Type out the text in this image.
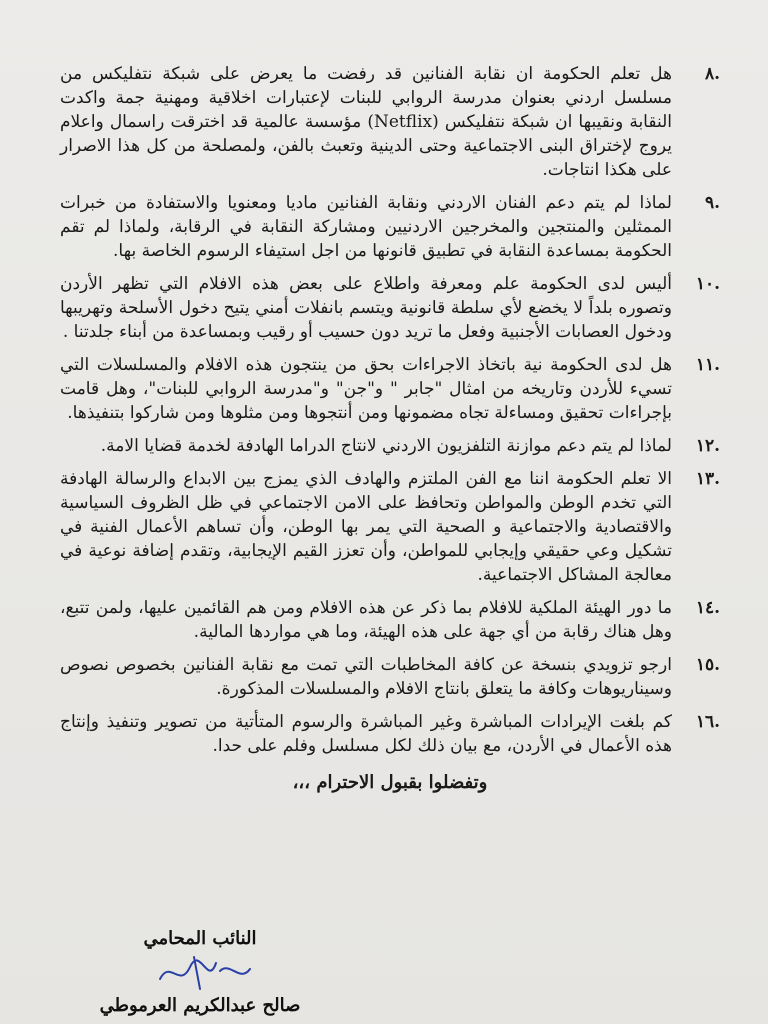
.٨
هل تعلم الحكومة ان نقابة الفنانين قد رفضت ما يعرض على شبكة نتفليكس من مسلسل اردني بعنوان مدرسة الروابي للبنات لإعتبارات اخلاقية ومهنية جمة واكدت النقابة ونقيبها ان شبكة نتفليكس (Netflix) مؤسسة عالمية قد اخترقت راسمال واعلام يروج لإختراق البنى الاجتماعية وحتى الدينية وتعبث بالفن، ولمصلحة من كل هذا الاصرار على هكذا انتاجات.
.٩
لماذا لم يتم دعم الفنان الاردني ونقابة الفنانين ماديا ومعنويا والاستفادة من خبرات الممثلين والمنتجين والمخرجين الاردنيين ومشاركة النقابة في الرقابة، ولماذا لم تقم الحكومة بمساعدة النقابة في تطبيق قانونها من اجل استيفاء الرسوم الخاصة بها.
.١٠
أليس لدى الحكومة علم ومعرفة واطلاع على بعض هذه الافلام التي تظهر الأردن وتصوره بلداً لا يخضع لأي سلطة قانونية ويتسم بانفلات أمني يتيح دخول الأسلحة وتهريبها ودخول العصابات الأجنبية وفعل ما تريد دون حسيب أو رقيب وبمساعدة من أبناء جلدتنا .
.١١
هل لدى الحكومة نية باتخاذ الاجراءات بحق من ينتجون هذه الافلام والمسلسلات التي تسيء للأردن وتاريخه من امثال "جابر " و"جن" و"مدرسة الروابي للبنات"، وهل قامت بإجراءات تحقيق ومساءلة تجاه مضمونها ومن أنتجوها ومن مثلوها ومن شاركوا بتنفيذها.
.١٢
لماذا لم يتم دعم موازنة التلفزيون الاردني لانتاج الدراما الهادفة لخدمة قضايا الامة.
.١٣
الا تعلم الحكومة اننا مع الفن الملتزم والهادف الذي يمزج بين الابداع والرسالة الهادفة التي تخدم الوطن والمواطن وتحافظ على الامن الاجتماعي في ظل الظروف السياسية والاقتصادية والاجتماعية و الصحية التي يمر بها الوطن، وأن تساهم الأعمال الفنية في تشكيل وعي حقيقي وإيجابي للمواطن، وأن تعزز القيم الإيجابية، وتقدم إضافة نوعية في معالجة المشاكل الاجتماعية.
.١٤
ما دور الهيئة الملكية للافلام بما ذكر عن هذه الافلام ومن هم القائمين عليها، ولمن تتبع، وهل هناك رقابة من أي جهة على هذه الهيئة، وما هي مواردها المالية.
.١٥
ارجو تزويدي بنسخة عن كافة المخاطبات التي تمت مع نقابة الفنانين بخصوص نصوص وسيناريوهات وكافة ما يتعلق بانتاج الافلام والمسلسلات المذكورة.
.١٦
كم بلغت الإيرادات المباشرة وغير المباشرة والرسوم المتأتية من تصوير وتنفيذ وإنتاج هذه الأعمال في الأردن، مع بيان ذلك لكل مسلسل وفلم على حدا.
وتفضلوا بقبول الاحترام ،،،
النائب المحامي
صالح عبدالكريم العرموطي
